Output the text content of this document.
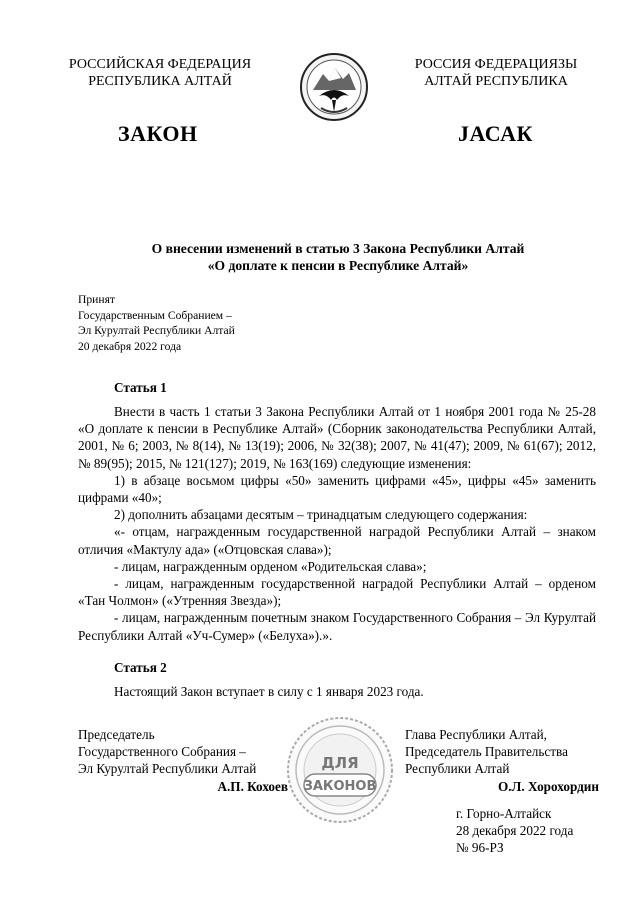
РОССИЙСКАЯ ФЕДЕРАЦИЯ
РЕСПУБЛИКА АЛТАЙ
РОССИЯ ФЕДЕРАЦИЯЗЫ
АЛТАЙ РЕСПУБЛИКА
ЗАКОН	JАСАК
О внесении изменений в статью 3 Закона Республики Алтай
«О доплате к пенсии в Республике Алтай»
Принят
Государственным Собранием –
Эл Курултай Республики Алтай
20 декабря 2022 года
Статья 1

Внести в часть 1 статьи 3 Закона Республики Алтай от 1 ноября 2001 года № 25-28 «О доплате к пенсии в Республике Алтай» (Сборник законодательства Республики Алтай, 2001, № 6; 2003, № 8(14), № 13(19); 2006, № 32(38); 2007, № 41(47); 2009, № 61(67); 2012, № 89(95); 2015, № 121(127); 2019, № 163(169) следующие изменения:

1) в абзаце восьмом цифры «50» заменить цифрами «45», цифры «45» заменить цифрами «40»;

2) дополнить абзацами десятым – тринадцатым следующего содержания:

«- отцам, награжденным государственной наградой Республики Алтай – знаком отличия «Мактулу ада» («Отцовская слава»);

- лицам, награжденным орденом «Родительская слава»;

- лицам, награжденным государственной наградой Республики Алтай – орденом «Тан Чолмон» («Утренняя Звезда»);

- лицам, награжденным почетным знаком Государственного Собрания – Эл Курултай Республики Алтай «Уч-Сумер» («Белуха»).».

Статья 2

Настоящий Закон вступает в силу с 1 января 2023 года.

Председатель
Государственного Собрания –
Эл Курултай Республики Алтай
А.П. Кохоев
ДЛЯ
ЗАКОНОВ
Глава Республики Алтай,
Председатель Правительства
Республики Алтай
О.Л. Хорохордин
г. Горно-Алтайск
28 декабря 2022 года
№ 96-РЗ
